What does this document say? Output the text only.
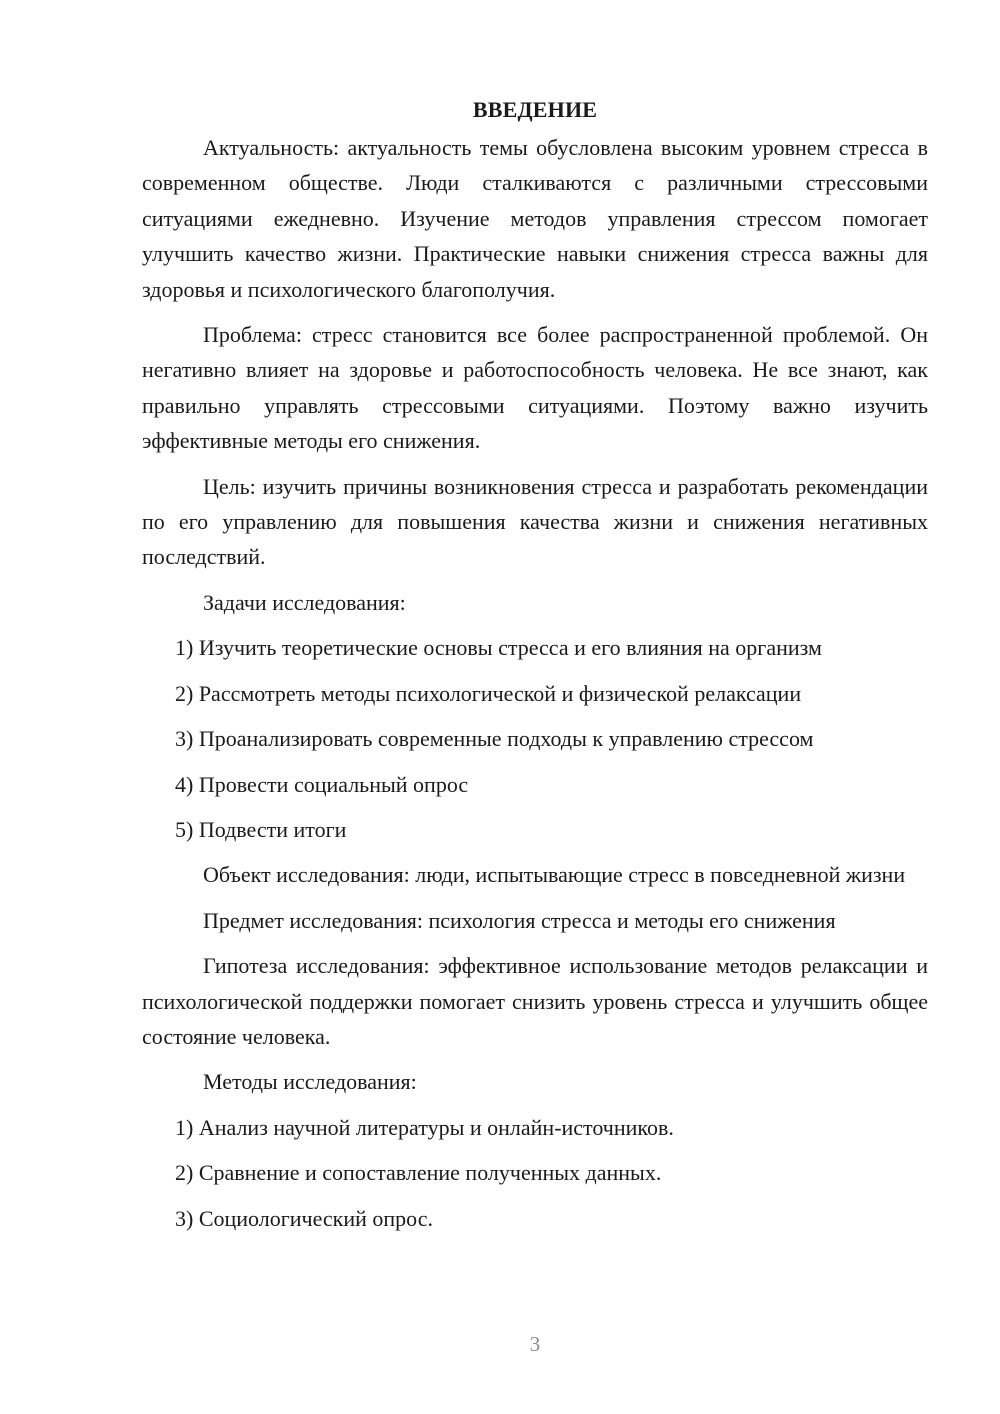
ВВЕДЕНИЕ

Актуальность: актуальность темы обусловлена высоким уровнем стресса в современном обществе. Люди сталкиваются с различными стрессовыми ситуациями ежедневно. Изучение методов управления стрессом помогает улучшить качество жизни. Практические навыки снижения стресса важны для здоровья и психологического благополучия.

Проблема: стресс становится все более распространенной проблемой. Он негативно влияет на здоровье и работоспособность человека. Не все знают, как правильно управлять стрессовыми ситуациями. Поэтому важно изучить эффективные методы его снижения.

Цель: изучить причины возникновения стресса и разработать рекомендации по его управлению для повышения качества жизни и снижения негативных последствий.

Задачи исследования:

1) Изучить теоретические основы стресса и его влияния на организм
2) Рассмотреть методы психологической и физической релаксации
3) Проанализировать современные подходы к управлению стрессом
4) Провести социальный опрос
5) Подвести итоги

Объект исследования: люди, испытывающие стресс в повседневной жизни

Предмет исследования: психология стресса и методы его снижения

Гипотеза исследования: эффективное использование методов релаксации и психологической поддержки помогает снизить уровень стресса и улучшить общее состояние человека.

Методы исследования:

1) Анализ научной литературы и онлайн-источников.
2) Сравнение и сопоставление полученных данных.
3) Социологический опрос.
3
